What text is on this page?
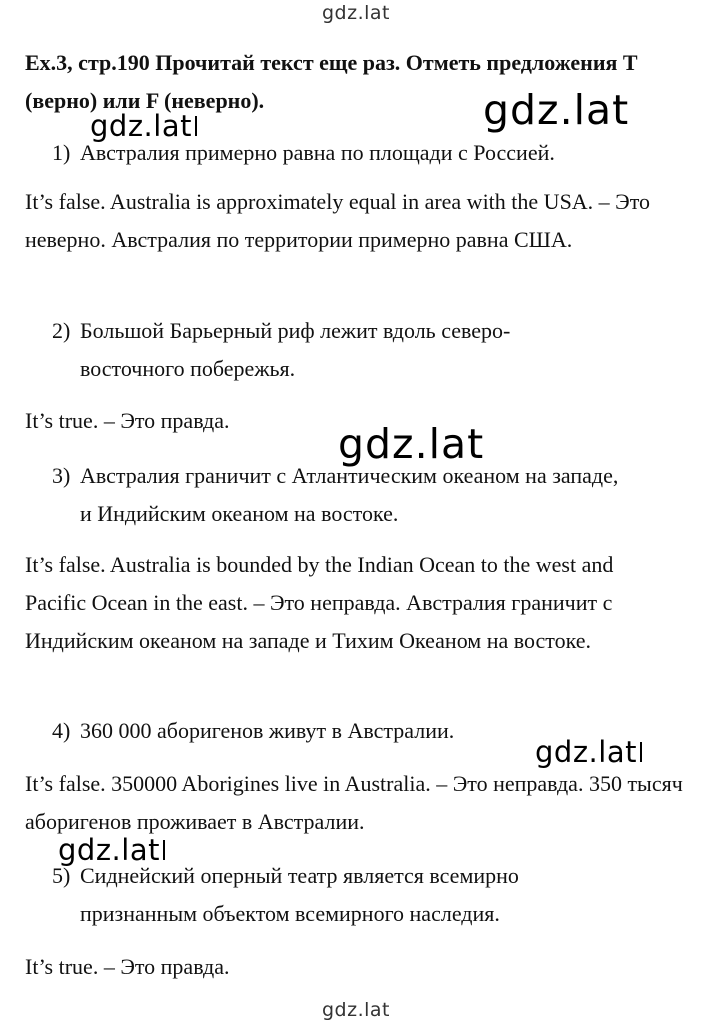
gdz.lat

Ex.3, стр.190 Прочитай текст еще раз. Отметь предложения T (верно) или F (неверно).

1) Австралия примерно равна по площади с Россией.

It’s false. Australia is approximately equal in area with the USA. – Это неверно. Австралия по территории примерно равна США.

2) Большой Барьерный риф лежит вдоль северо-восточного побережья.

It’s true. – Это правда.

3) Австралия граничит с Атлантическим океаном на западе, и Индийским океаном на востоке.

It’s false. Australia is bounded by the Indian Ocean to the west and Pacific Ocean in the east. – Это неправда. Австралия граничит с Индийским океаном на западе и Тихим Океаном на востоке.

4) 360 000 аборигенов живут в Австралии.

It’s false. 350000 Aborigines live in Australia. – Это неправда. 350 тысяч аборигенов проживает в Австралии.

5) Сиднейский оперный театр является всемирно признанным объектом всемирного наследия.

It’s true. – Это правда.

gdz.lat
gdz.lat
gdz.lat
gdz.lat
gdz.lat
gdz.lat
